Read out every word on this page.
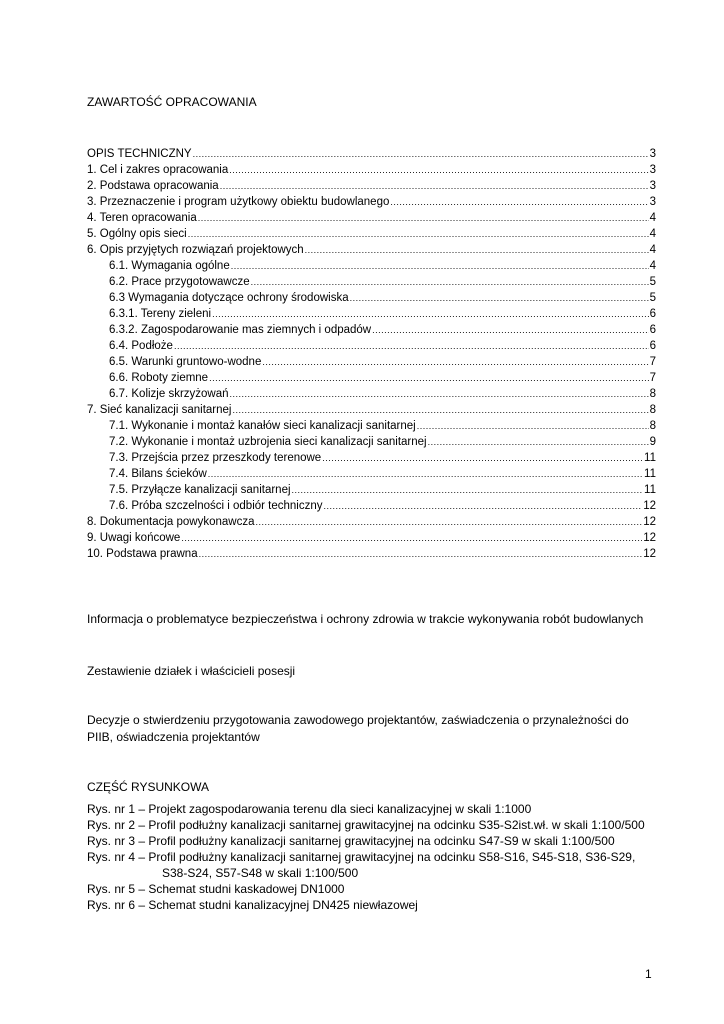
ZAWARTOŚĆ OPRACOWANIA
OPIS TECHNICZNY .....	3
1. Cel i zakres opracowania .....	3
2. Podstawa opracowania .....	3
3. Przeznaczenie i program użytkowy obiektu budowlanego .....	3
4. Teren opracowania .....	4
5. Ogólny opis sieci .....	4
6. Opis przyjętych rozwiązań projektowych .....	4
6.1. Wymagania ogólne .....	4
6.2. Prace przygotowawcze .....	5
6.3 Wymagania dotyczące ochrony środowiska .....	5
6.3.1. Tereny zieleni .....	6
6.3.2. Zagospodarowanie mas ziemnych i odpadów .....	6
6.4. Podłoże .....	6
6.5. Warunki gruntowo-wodne .....	7
6.6. Roboty ziemne .....	7
6.7. Kolizje skrzyżowań .....	8
7. Sieć kanalizacji sanitarnej .....	8
7.1. Wykonanie i montaż kanałów sieci kanalizacji sanitarnej .....	8
7.2. Wykonanie i montaż uzbrojenia sieci kanalizacji sanitarnej .....	9
7.3. Przejścia przez przeszkody terenowe .....	11
7.4. Bilans ścieków .....	11
7.5. Przyłącze kanalizacji sanitarnej .....	11
7.6. Próba szczelności i odbiór techniczny .....	12
8. Dokumentacja powykonawcza .....	12
9. Uwagi końcowe .....	12
10. Podstawa prawna .....	12
Informacja o problematyce bezpieczeństwa i ochrony zdrowia w trakcie wykonywania robót budowlanych
Zestawienie działek i właścicieli posesji
Decyzje o stwierdzeniu przygotowania zawodowego projektantów, zaświadczenia o przynależności do PIIB, oświadczenia projektantów
CZĘŚĆ RYSUNKOWA
Rys. nr 1 – Projekt zagospodarowania terenu dla sieci kanalizacyjnej w skali 1:1000
Rys. nr 2 – Profil podłużny kanalizacji sanitarnej grawitacyjnej na odcinku S35-S2ist.wł. w skali 1:100/500
Rys. nr 3 – Profil podłużny kanalizacji sanitarnej grawitacyjnej na odcinku S47-S9 w skali 1:100/500
Rys. nr 4 – Profil podłużny kanalizacji sanitarnej grawitacyjnej na odcinku S58-S16, S45-S18, S36-S29,
S38-S24, S57-S48 w skali 1:100/500
Rys. nr 5 – Schemat studni kaskadowej DN1000
Rys. nr 6 – Schemat studni kanalizacyjnej DN425 niewłazowej
1
